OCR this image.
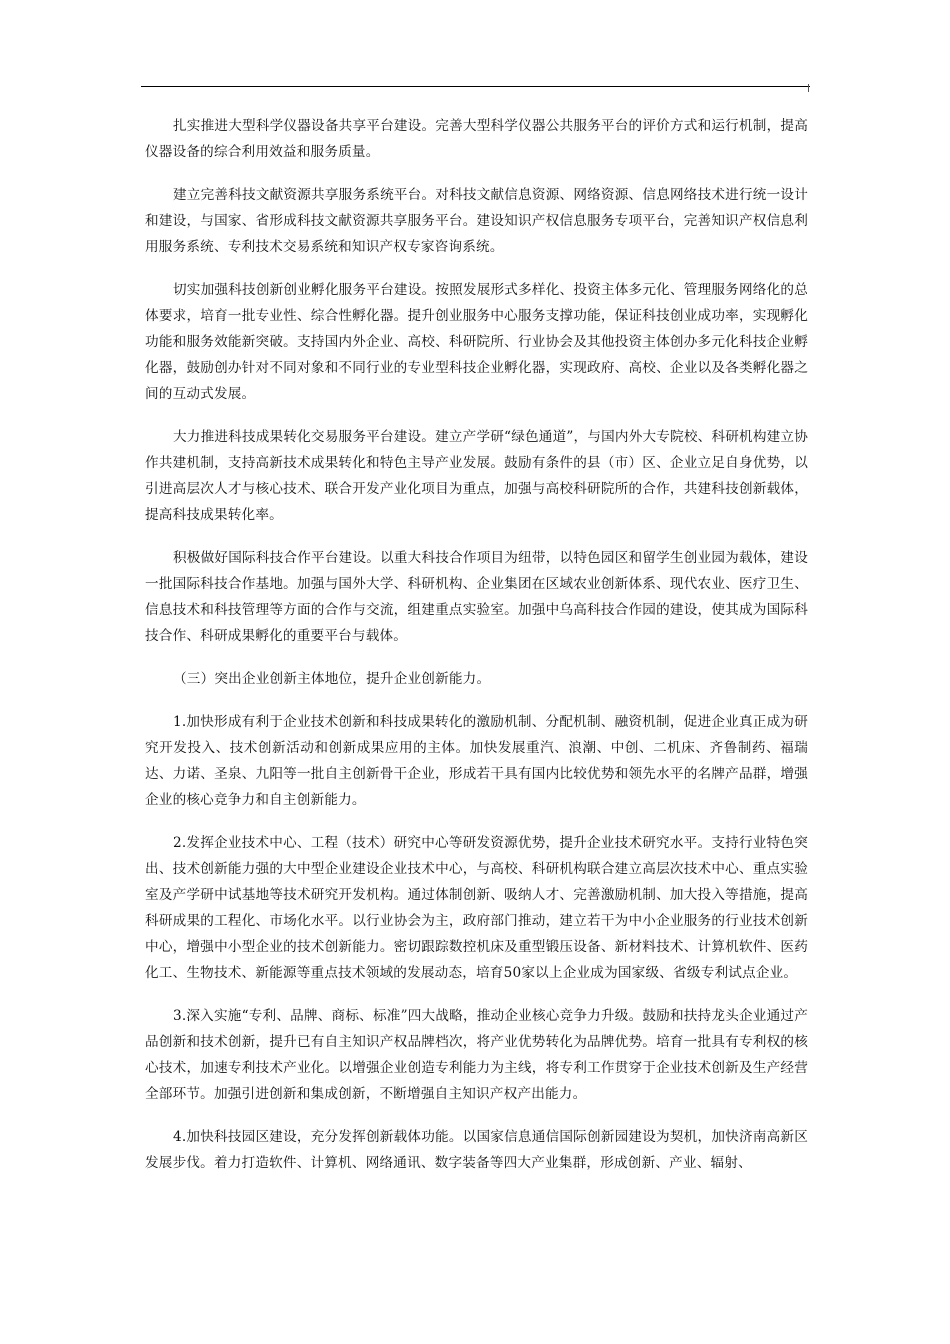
扎实推进大型科学仪器设备共享平台建设。完善大型科学仪器公共服务平台的评价方式和运行机制，提高仪器设备的综合利用效益和服务质量。

建立完善科技文献资源共享服务系统平台。对科技文献信息资源、网络资源、信息网络技术进行统一设计和建设，与国家、省形成科技文献资源共享服务平台。建设知识产权信息服务专项平台，完善知识产权信息利用服务系统、专利技术交易系统和知识产权专家咨询系统。

切实加强科技创新创业孵化服务平台建设。按照发展形式多样化、投资主体多元化、管理服务网络化的总体要求，培育一批专业性、综合性孵化器。提升创业服务中心服务支撑功能，保证科技创业成功率，实现孵化功能和服务效能新突破。支持国内外企业、高校、科研院所、行业协会及其他投资主体创办多元化科技企业孵化器，鼓励创办针对不同对象和不同行业的专业型科技企业孵化器，实现政府、高校、企业以及各类孵化器之间的互动式发展。

大力推进科技成果转化交易服务平台建设。建立产学研“绿色通道”，与国内外大专院校、科研机构建立协作共建机制，支持高新技术成果转化和特色主导产业发展。鼓励有条件的县（市）区、企业立足自身优势，以引进高层次人才与核心技术、联合开发产业化项目为重点，加强与高校科研院所的合作，共建科技创新载体，提高科技成果转化率。

积极做好国际科技合作平台建设。以重大科技合作项目为纽带，以特色园区和留学生创业园为载体，建设一批国际科技合作基地。加强与国外大学、科研机构、企业集团在区域农业创新体系、现代农业、医疗卫生、信息技术和科技管理等方面的合作与交流，组建重点实验室。加强中乌高科技合作园的建设，使其成为国际科技合作、科研成果孵化的重要平台与载体。

（三）突出企业创新主体地位，提升企业创新能力。

1.加快形成有利于企业技术创新和科技成果转化的激励机制、分配机制、融资机制，促进企业真正成为研究开发投入、技术创新活动和创新成果应用的主体。加快发展重汽、浪潮、中创、二机床、齐鲁制药、福瑞达、力诺、圣泉、九阳等一批自主创新骨干企业，形成若干具有国内比较优势和领先水平的名牌产品群，增强企业的核心竞争力和自主创新能力。

2.发挥企业技术中心、工程（技术）研究中心等研发资源优势，提升企业技术研究水平。支持行业特色突出、技术创新能力强的大中型企业建设企业技术中心，与高校、科研机构联合建立高层次技术中心、重点实验室及产学研中试基地等技术研究开发机构。通过体制创新、吸纳人才、完善激励机制、加大投入等措施，提高科研成果的工程化、市场化水平。以行业协会为主，政府部门推动，建立若干为中小企业服务的行业技术创新中心，增强中小型企业的技术创新能力。密切跟踪数控机床及重型锻压设备、新材料技术、计算机软件、医药化工、生物技术、新能源等重点技术领域的发展动态，培育50家以上企业成为国家级、省级专利试点企业。

3.深入实施“专利、品牌、商标、标准”四大战略，推动企业核心竞争力升级。鼓励和扶持龙头企业通过产品创新和技术创新，提升已有自主知识产权品牌档次，将产业优势转化为品牌优势。培育一批具有专利权的核心技术，加速专利技术产业化。以增强企业创造专利能力为主线，将专利工作贯穿于企业技术创新及生产经营全部环节。加强引进创新和集成创新，不断增强自主知识产权产出能力。

4.加快科技园区建设，充分发挥创新载体功能。以国家信息通信国际创新园建设为契机，加快济南高新区发展步伐。着力打造软件、计算机、网络通讯、数字装备等四大产业集群，形成创新、产业、辐射、
